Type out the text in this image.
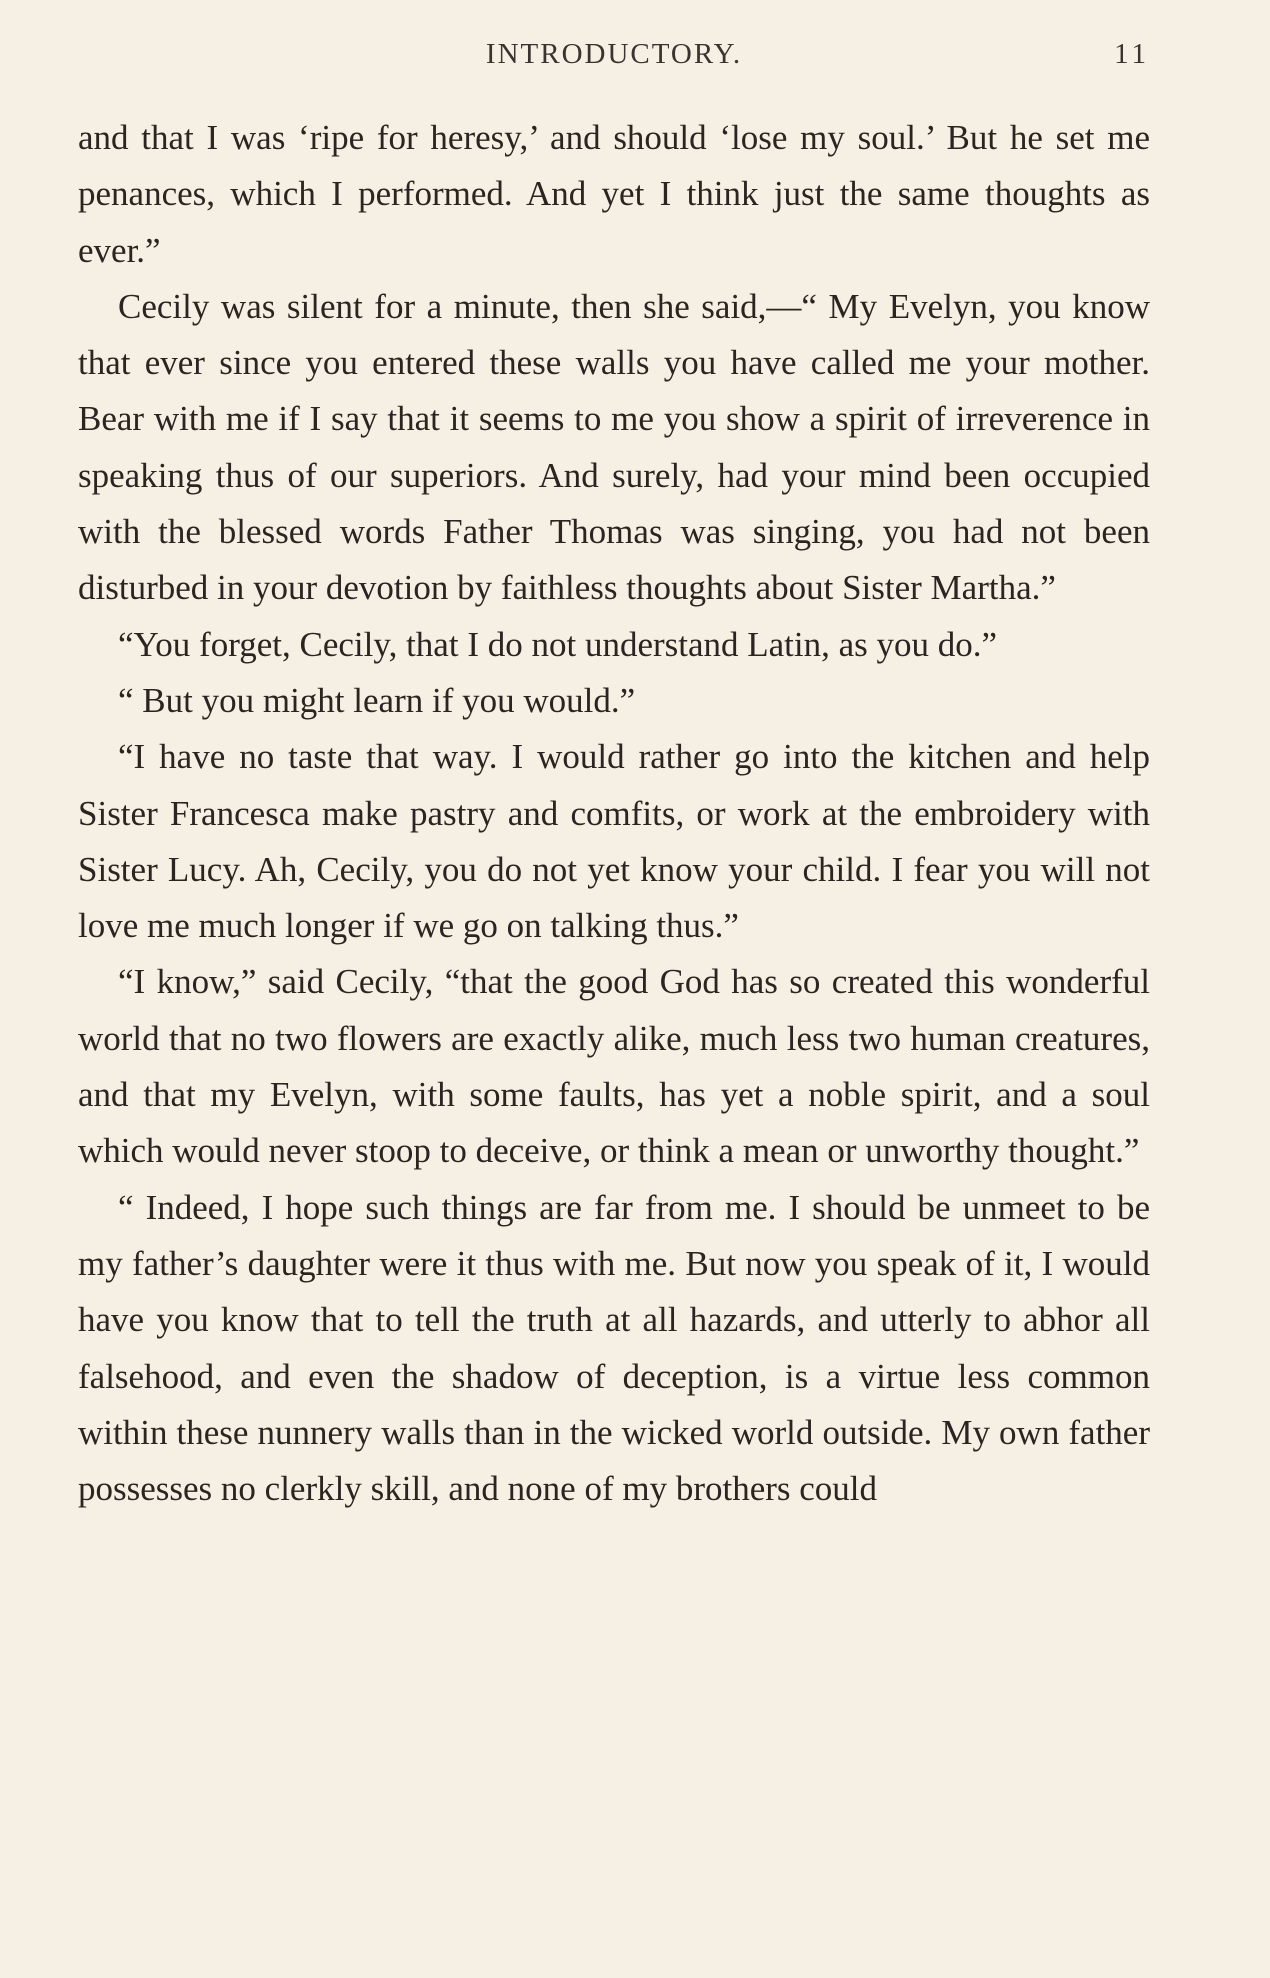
INTRODUCTORY.	11

and that I was ‘ripe for heresy,’ and should ‘lose my soul.’ But he set me penances, which I performed. And yet I think just the same thoughts as ever.”

Cecily was silent for a minute, then she said,—“ My Evelyn, you know that ever since you entered these walls you have called me your mother. Bear with me if I say that it seems to me you show a spirit of irreverence in speaking thus of our superiors. And surely, had your mind been occupied with the blessed words Father Thomas was singing, you had not been disturbed in your devotion by faithless thoughts about Sister Martha.”

“You forget, Cecily, that I do not understand Latin, as you do.”

“ But you might learn if you would.”

“I have no taste that way. I would rather go into the kitchen and help Sister Francesca make pastry and comfits, or work at the embroidery with Sister Lucy. Ah, Cecily, you do not yet know your child. I fear you will not love me much longer if we go on talking thus.”

“I know,” said Cecily, “that the good God has so created this wonderful world that no two flowers are exactly alike, much less two human creatures, and that my Evelyn, with some faults, has yet a noble spirit, and a soul which would never stoop to deceive, or think a mean or unworthy thought.”

“ Indeed, I hope such things are far from me. I should be unmeet to be my father’s daughter were it thus with me. But now you speak of it, I would have you know that to tell the truth at all hazards, and utterly to abhor all falsehood, and even the shadow of deception, is a virtue less common within these nunnery walls than in the wicked world outside. My own father possesses no clerkly skill, and none of my brothers could
